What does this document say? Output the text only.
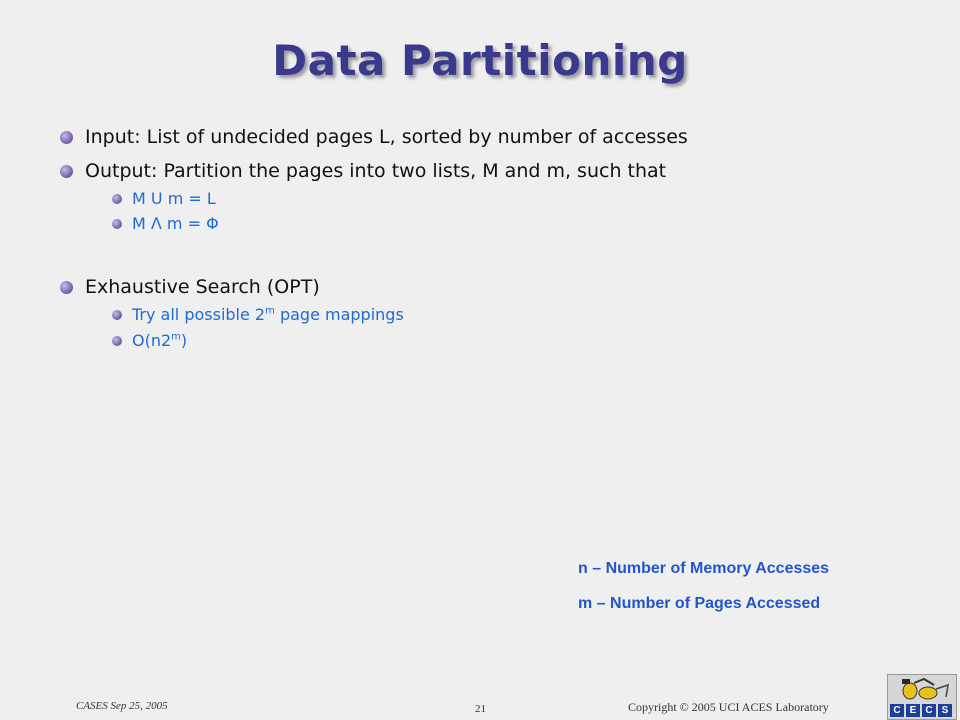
Data Partitioning
Input: List of undecided pages L, sorted by number of accesses
Output: Partition the pages into two lists, M and m, such that
M U m = L
M Λ m = Φ
Exhaustive Search (OPT)
Try all possible 2$^m$ page mappings
O(n2$^m$)
n – Number of Memory Accesses
m – Number of Pages Accessed
CASES Sep 25, 2005	21	Copyright © 2005 UCI ACES Laboratory	C E C S
